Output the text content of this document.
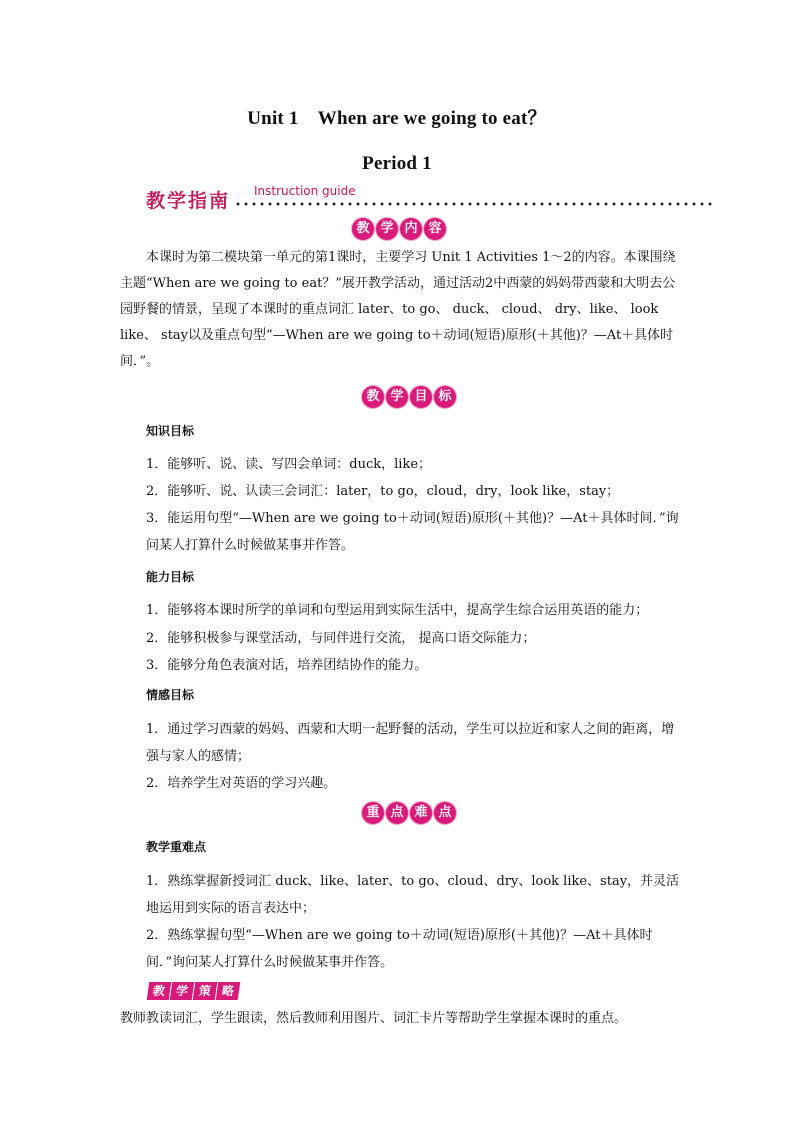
Unit 1　When are we going to eat？
Period 1
教学指南 Instruction guide
教 学 内 容
本课时为第二模块第一单元的第1课时，主要学习 Unit 1 Activities 1～2的内容。本课围绕主题“When are we going to eat？”展开教学活动，通过活动2中西蒙的妈妈带西蒙和大明去公园野餐的情景，呈现了本课时的重点词汇 later、to go、 duck、 cloud、 dry、like、 look like、 stay以及重点句型“—When are we going to＋动词(短语)原形(＋其他)？—At＋具体时间．”。
教 学 目 标
知识目标
1．能够听、说、读、写四会单词：duck，like；
2．能够听、说、认读三会词汇：later，to go，cloud，dry，look like，stay；
3．能运用句型“—When are we going to＋动词(短语)原形(＋其他)？—At＋具体时间．”询问某人打算什么时候做某事并作答。
能力目标
1．能够将本课时所学的单词和句型运用到实际生活中，提高学生综合运用英语的能力；
2．能够积极参与课堂活动，与同伴进行交流， 提高口语交际能力；
3．能够分角色表演对话，培养团结协作的能力。
情感目标
1．通过学习西蒙的妈妈、西蒙和大明一起野餐的活动，学生可以拉近和家人之间的距离，增强与家人的感情；
2．培养学生对英语的学习兴趣。
重 点 难 点
教学重难点
1．熟练掌握新授词汇 duck、like、later、to go、cloud、dry、look like、stay，并灵活地运用到实际的语言表达中；
2．熟练掌握句型“—When are we going to＋动词(短语)原形(＋其他)？—At＋具体时间．”询问某人打算什么时候做某事并作答。
教 学 策 略
教师教读词汇，学生跟读，然后教师利用图片、词汇卡片等帮助学生掌握本课时的重点。
